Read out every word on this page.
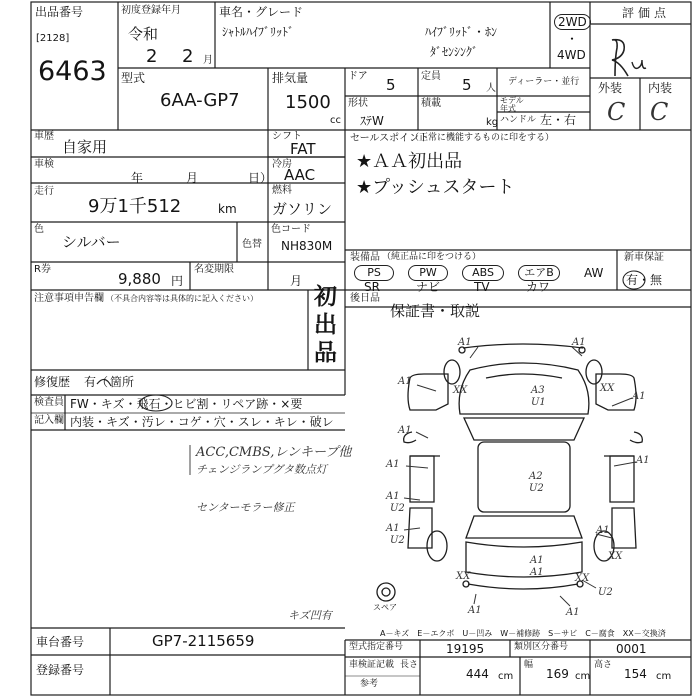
出品番号
[2128]
6463
初度登録年月
令和
2 2 月
車名・グレード
ｼｬﾄﾙﾊｲﾌﾞﾘｯﾄﾞ	ﾊｲﾌﾞﾘｯﾄﾞ・ﾎﾝ
ﾀﾞｾﾝｼﾝｸﾞ
2WD
・
4WD
評価点
外装 内装
C C
型式
6AA-GP7
排気量
1500
cc
ドア 5	定員 5 人
ディーラー・並行
モデル年式
形状
ｽﾃW
積載
kg ハンドル 左・右
車歴
自家用
車検
年	月	日）
走行
9万1千512	km
色
シルバー	色替
色コード
NH830M
R券
9,880 円
名変期限
月
シフト
FAT
冷房
AAC
燃料
ガソリン
セールスポイント
（正常に機能するものに印をする）
★ＡＡ初出品
★プッシュスタート
装備品 （純正品に印をつける）
PS	PW	ABS	エアB	AW
SR	ナビ	TV	カワ
新車保証
有・無
後日品
保証書・取説
注意事項申告欄 （不具合内容等は具体的に記入ください） 初
出
品
修復歴 有（ 箇所
検査員
記入欄
FW・キズ・飛石・ヒビ割・リペア跡・×要
内装・キズ・汚レ・コゲ・穴・スレ・キレ・破レ
ACC,CMBS,レンキープ他
チェンジランプグタ数点灯
センターモラー修正
キズ凹有
A1	A1
A1
XX	XX
A3
U1
A1
A1
A1
A2
U2
A1
A1
U2
A1
U2
A1
A1
A1
XX	XX
XX
U2
A1	A1
スペア
A－キズ　E－エクボ　U－凹み　W－補修跡　S－サビ　C－腐食　XX－交換済
車台番号	GP7-2115659
登録番号
型式指定番号	19195	類別区分番号	0001
車検証記載
参考
長さ
444 cm
幅
169 cm
高さ
154 cm
